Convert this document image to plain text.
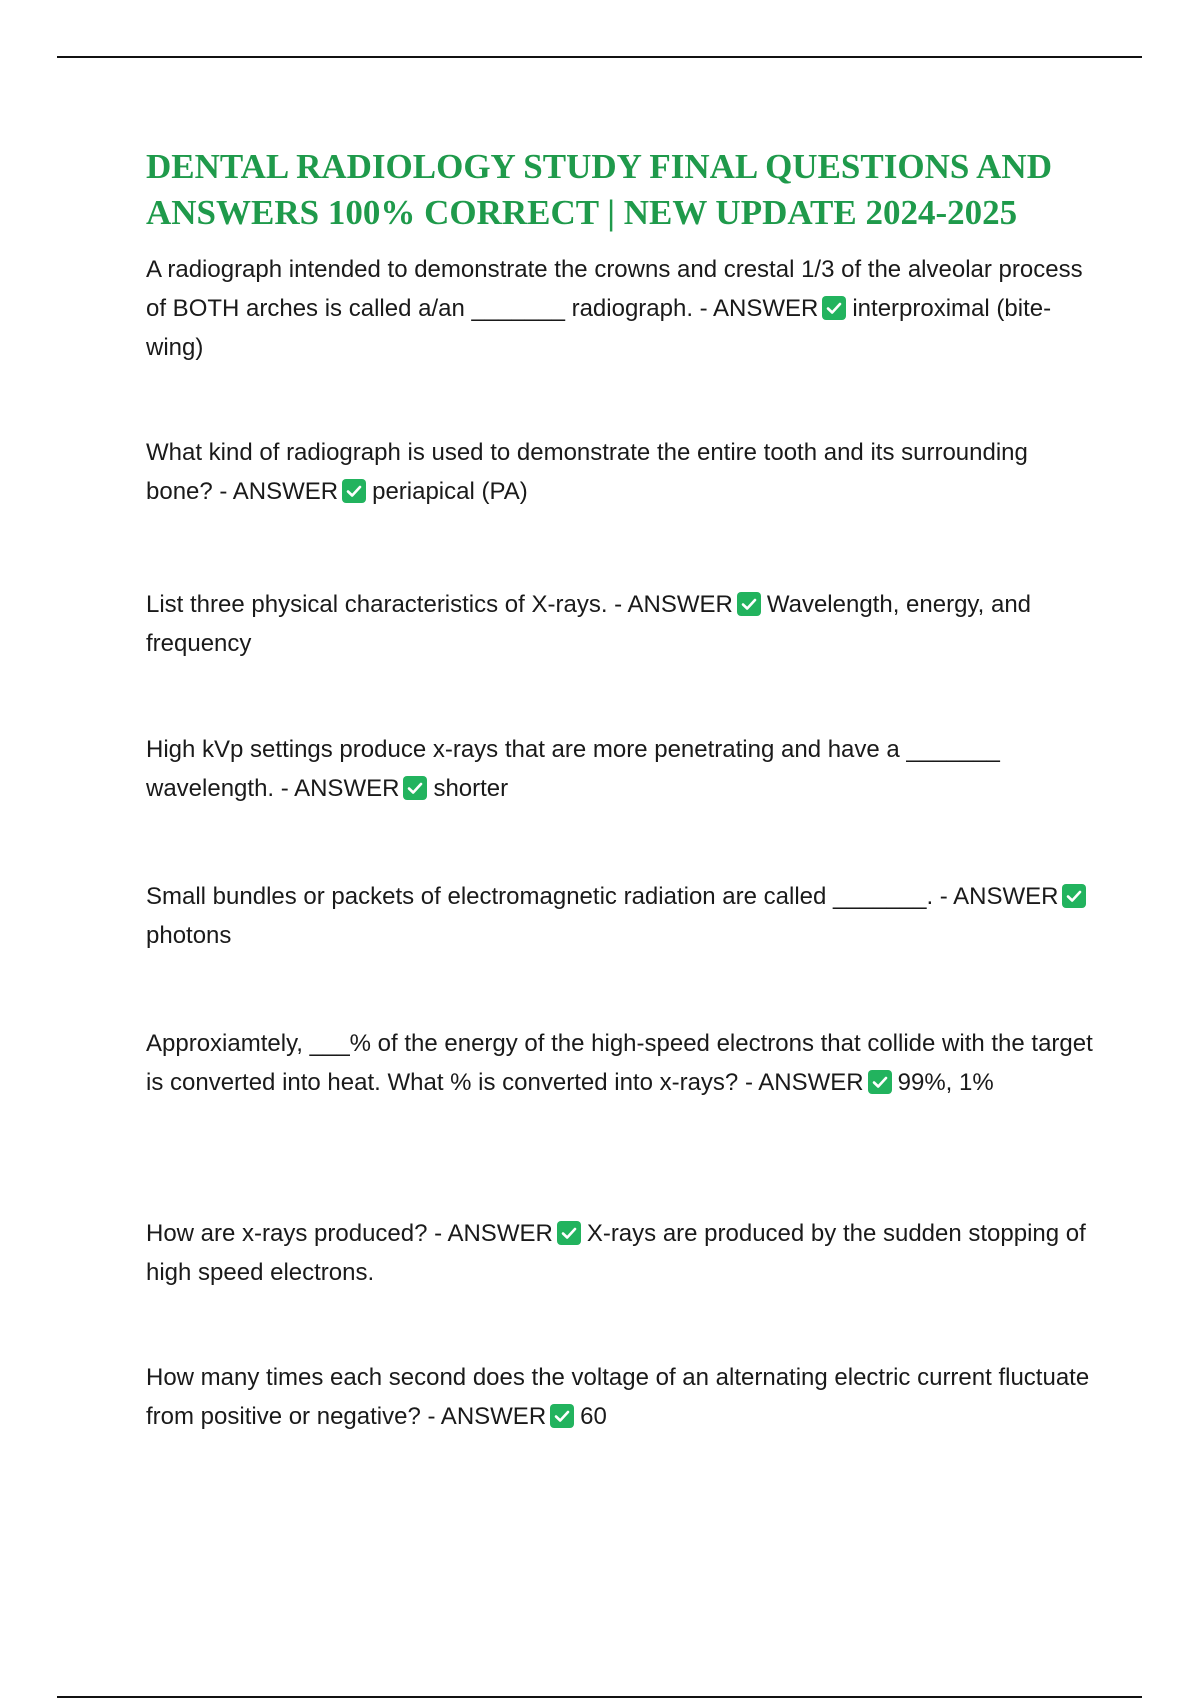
DENTAL RADIOLOGY STUDY FINAL QUESTIONS AND ANSWERS 100% CORRECT | NEW UPDATE 2024-2025

A radiograph intended to demonstrate the crowns and crestal 1/3 of the alveolar process of BOTH arches is called a/an _______ radiograph. - ANSWER interproximal (bite-wing)

What kind of radiograph is used to demonstrate the entire tooth and its surrounding bone? - ANSWER periapical (PA)

List three physical characteristics of X-rays. - ANSWER Wavelength, energy, and frequency

High kVp settings produce x-rays that are more penetrating and have a _______ wavelength. - ANSWER shorter

Small bundles or packets of electromagnetic radiation are called _______. - ANSWER
photons

Approxiamtely, ___% of the energy of the high-speed electrons that collide with the target is converted into heat. What % is converted into x-rays? - ANSWER 99%, 1%

How are x-rays produced? - ANSWER X-rays are produced by the sudden stopping of high speed electrons.

How many times each second does the voltage of an alternating electric current fluctuate from positive or negative? - ANSWER 60
